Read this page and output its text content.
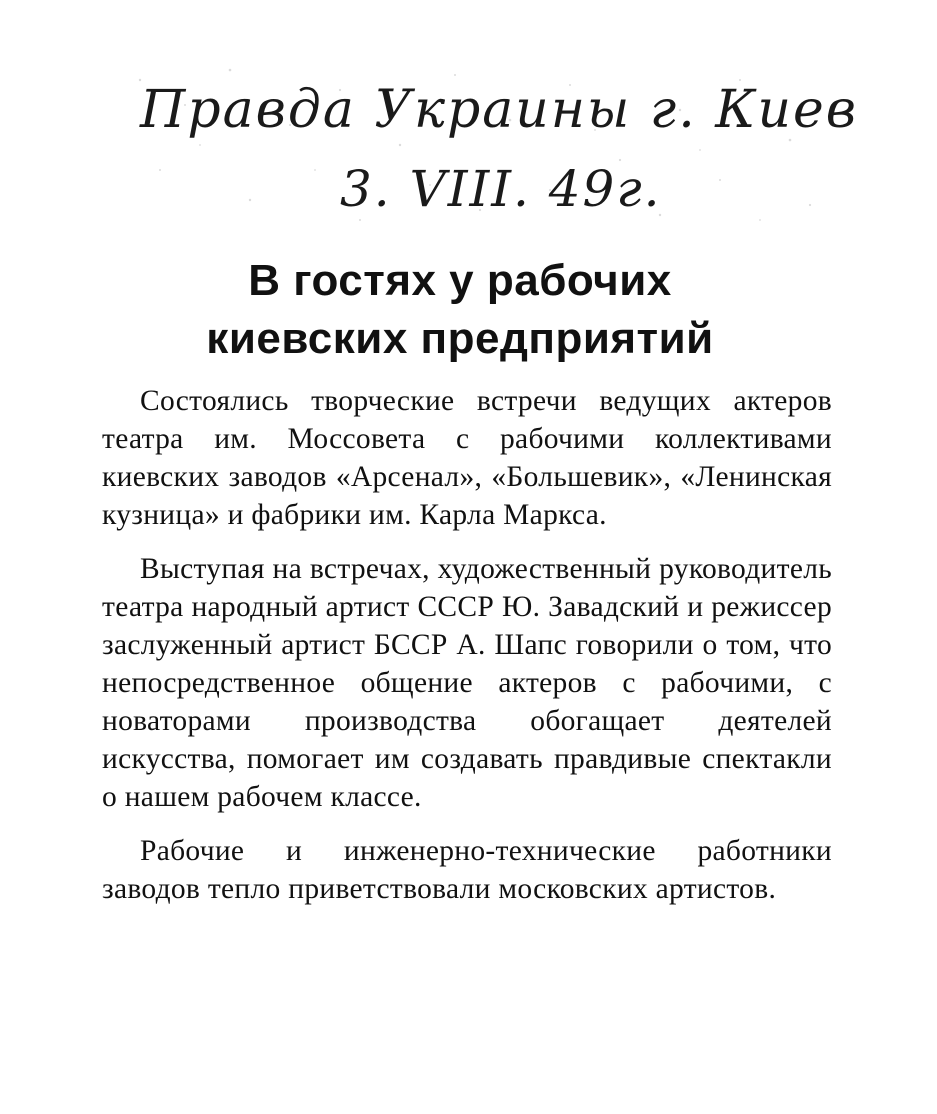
Правда Украины г. Киев
3. VIII. 49г.
В гостях у рабочих
киевских предприятий

Состоялись творческие встречи ведущих актеров театра им. Моссовета с рабочими коллективами киевских заводов «Арсенал», «Большевик», «Ленинская кузница» и фабрики им. Карла Маркса.

Выступая на встречах, художественный руководитель театра народный артист СССР Ю. Завадский и режиссер заслуженный артист БССР А. Шапс говорили о том, что непосредственное общение актеров с рабочими, с новаторами производства обогащает деятелей искусства, помогает им создавать правдивые спектакли о нашем рабочем классе.

Рабочие и инженерно-технические работники заводов тепло приветствовали московских артистов.
